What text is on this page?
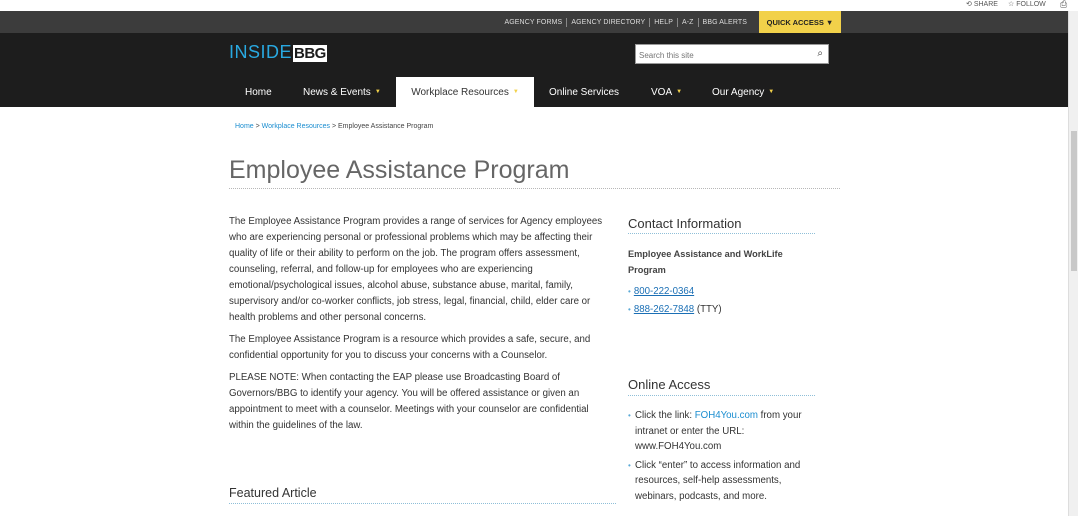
⟲ SHARE ☆ FOLLOW ⎙
AGENCY FORMS	AGENCY DIRECTORY	HELP	A-Z	BBG ALERTS	QUICK ACCESS ▼
INSIDE BBG
Search this site	⌕
Home	News & Events ▼	Workplace Resources ▼	Online Services	VOA ▼	Our Agency ▼
Home > Workplace Resources > Employee Assistance Program
Employee Assistance Program

The Employee Assistance Program provides a range of services for Agency employees who are experiencing personal or professional problems which may be affecting their quality of life or their ability to perform on the job. The program offers assessment, counseling, referral, and follow-up for employees who are experiencing emotional/psychological issues, alcohol abuse, substance abuse, marital, family, supervisory and/or co-worker conflicts, job stress, legal, financial, child, elder care or health problems and other personal concerns.

The Employee Assistance Program is a resource which provides a safe, secure, and confidential opportunity for you to discuss your concerns with a Counselor.

PLEASE NOTE: When contacting the EAP please use Broadcasting Board of Governors/BBG to identify your agency. You will be offered assistance or given an appointment to meet with a counselor. Meetings with your counselor are confidential within the guidelines of the law.

Featured Article
Contact Information
Employee Assistance and WorkLife Program
• 800-222-0364
• 888-262-7848 (TTY)
Online Access
• Click the link: FOH4You.com from your intranet or enter the URL: www.FOH4You.com
• Click “enter” to access information and resources, self-help assessments, webinars, podcasts, and more.
